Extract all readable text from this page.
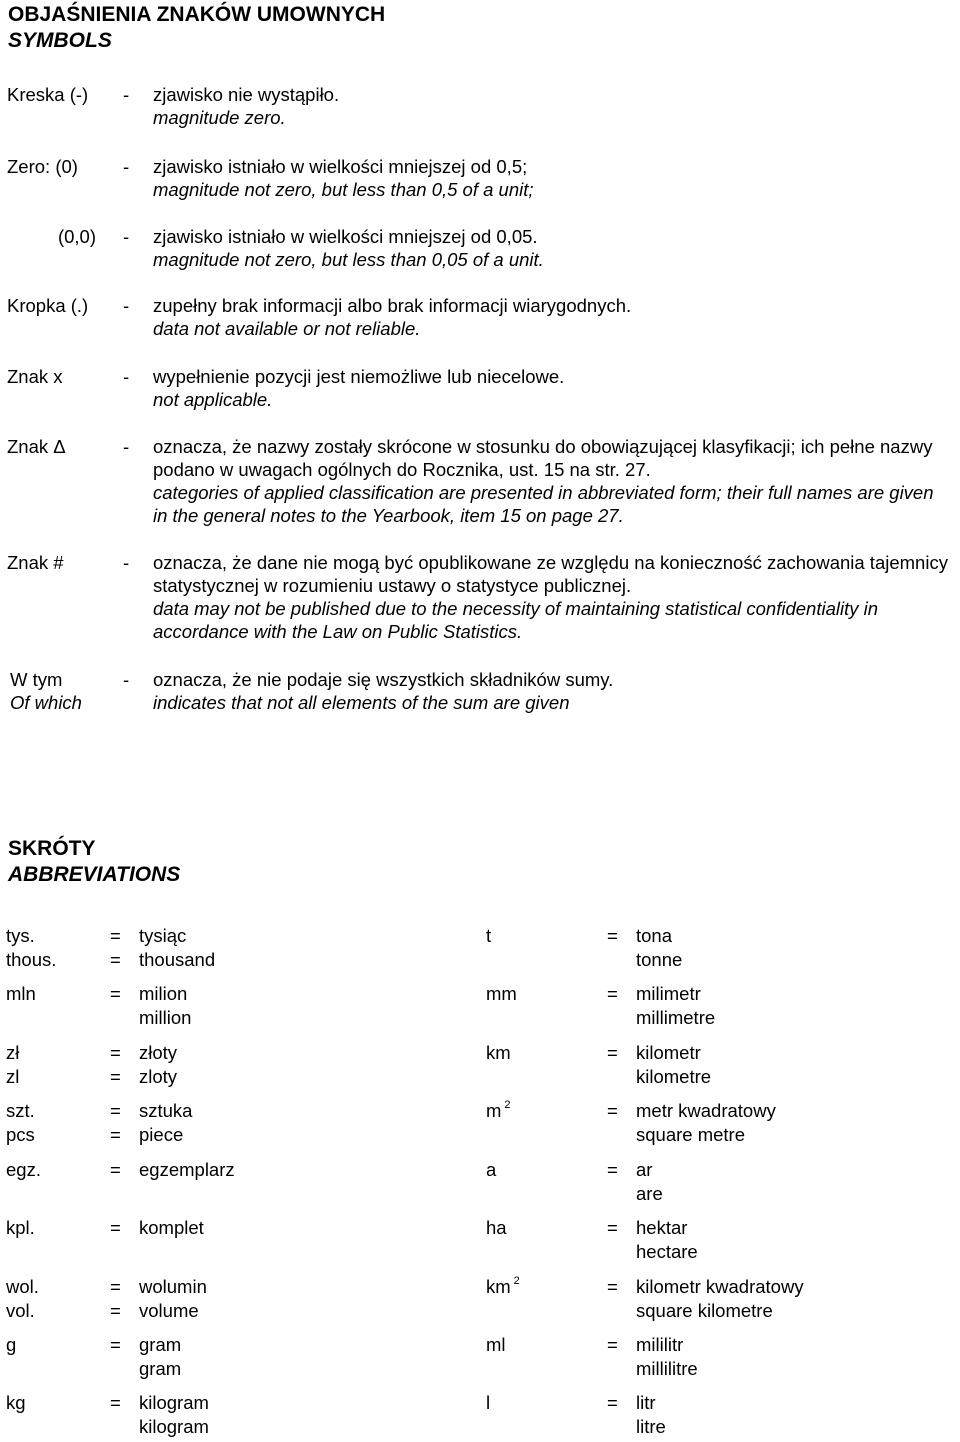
OBJAŚNIENIA ZNAKÓW UMOWNYCH
SYMBOLS
Kreska (-) - zjawisko nie wystąpiło.
magnitude zero.
Zero: (0) - zjawisko istniało w wielkości mniejszej od 0,5;
magnitude not zero, but less than 0,5 of a unit;
(0,0) - zjawisko istniało w wielkości mniejszej od 0,05.
magnitude not zero, but less than 0,05 of a unit.
Kropka (.) - zupełny brak informacji albo brak informacji wiarygodnych.
data not available or not reliable.
Znak x	- wypełnienie pozycji jest niemożliwe lub niecelowe.
not applicable.
Znak Δ	- oznacza, że nazwy zostały skrócone w stosunku do obowiązującej klasyfikacji; ich pełne nazwy podano w uwagach ogólnych do Rocznika, ust. 15 na str. 27.
categories of applied classification are presented in abbreviated form; their full names are given in the general notes to the Yearbook, item 15 on page 27.
Znak #	- oznacza, że dane nie mogą być opublikowane ze względu na konieczność zachowania tajemnicy statystycznej w rozumieniu ustawy o statystyce publicznej.
data may not be published due to the necessity of maintaining statistical confidentiality in accordance with the Law on Public Statistics.
W tym
Of which
- oznacza, że nie podaje się wszystkich składników sumy.
indicates that not all elements of the sum are given
SKRÓTY
ABBREVIATIONS
tys.	= tysiąc
thous.	= thousand
mln	= milion
million
zł	= złoty
zl	= zloty
szt.	= sztuka
pcs	= piece
egz.	= egzemplarz
kpl.	= komplet
wol.	= wolumin
vol.	= volume
g	= gram
gram
kg	= kilogram
kilogram
t	= tona
tonne
mm	= milimetr
millimetre
km	= kilometr
kilometre
m $^2$	= metr kwadratowy
square metre
a	= ar
are
ha	= hektar
hectare
km $^2$	= kilometr kwadratowy
square kilometre
ml	= mililitr
millilitre
l	= litr
litre
